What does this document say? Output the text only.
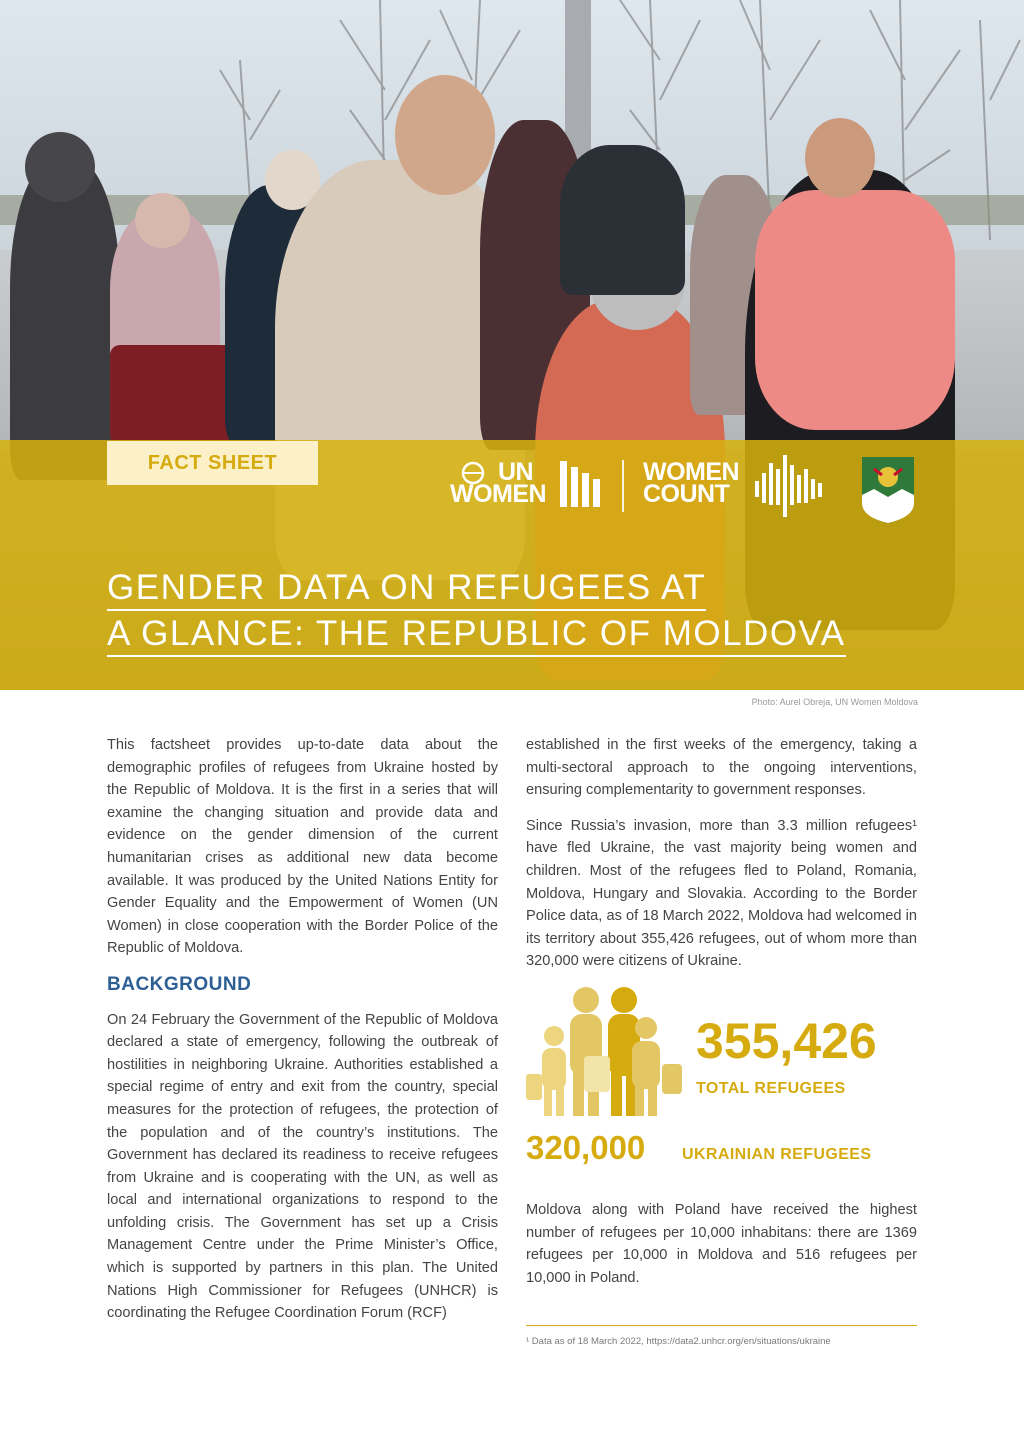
FACT SHEET	UN
WOMEN
WOMEN
COUNT
GENDER DATA ON REFUGEES AT
A GLANCE: THE REPUBLIC OF MOLDOVA
Photo: Aurel Obreja, UN Women Moldova

This factsheet provides up-to-date data about the demographic profiles of refugees from Ukraine hosted by the Republic of Moldova. It is the first in a series that will examine the changing situation and provide data and evidence on the gender dimension of the current humanitarian crises as additional new data become available. It was produced by the United Nations Entity for Gender Equality and the Empowerment of Women (UN Women) in close cooperation with the Border Police of the Republic of Moldova.

BACKGROUND

On 24 February the Government of the Republic of Moldova declared a state of emergency, following the outbreak of hostilities in neighboring Ukraine. Authorities established a special regime of entry and exit from the country, special measures for the protection of refugees, the protection of the population and of the country’s institutions. The Government has declared its readiness to receive refugees from Ukraine and is cooperating with the UN, as well as local and international organizations to respond to the unfolding crisis. The Government has set up a Crisis Management Centre under the Prime Minister’s Office, which is supported by partners in this plan. The United Nations High Commissioner for Refugees (UNHCR) is coordinating the Refugee Coordination Forum (RCF)

established in the first weeks of the emergency, taking a multi-sectoral approach to the ongoing interventions, ensuring complementarity to government responses.

Since Russia’s invasion, more than 3.3 million refugees¹ have fled Ukraine, the vast majority being women and children. Most of the refugees fled to Poland, Romania, Moldova, Hungary and Slovakia. According to the Border Police data, as of 18 March 2022, Moldova had welcomed in its territory about 355,426 refugees, out of whom more than 320,000 were citizens of Ukraine.

355,426
TOTAL REFUGEES
320,000 UKRAINIAN REFUGEES

Moldova along with Poland have received the highest number of refugees per 10,000 inhabitans: there are 1369 refugees per 10,000 in Moldova and 516 refugees per 10,000 in Poland.

¹ Data as of 18 March 2022, https://data2.unhcr.org/en/situations/ukraine
